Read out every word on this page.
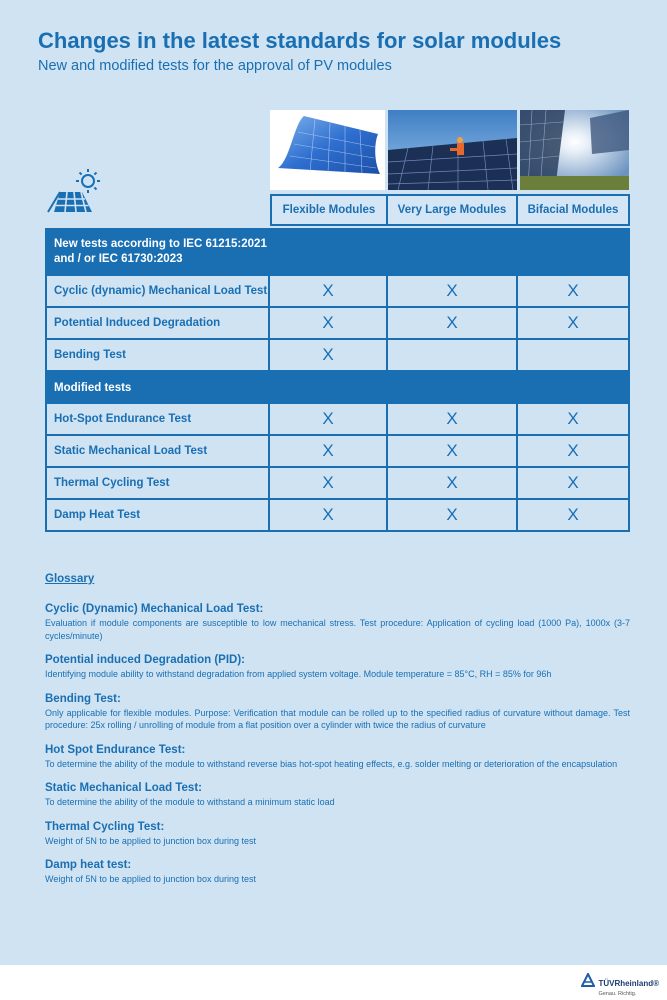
Changes in the latest standards for solar modules
New and modified tests for the approval of PV modules
Flexible Modules	Very Large Modules	Bifacial Modules
New tests according to IEC 61215:2021
and / or IEC 61730:2023
Cyclic (dynamic) Mechanical Load Test	X	X	X
Potential Induced Degradation	X	X	X
Bending Test	X
Modified tests
Hot-Spot Endurance Test	X	X	X
Static Mechanical Load Test	X	X	X
Thermal Cycling Test	X	X	X
Damp Heat Test	X	X	X
Glossary
Cyclic (Dynamic) Mechanical Load Test:
Evaluation if module components are susceptible to low mechanical stress. Test procedure: Application of cycling load (1000 Pa), 1000x (3-7 cycles/minute)
Potential induced Degradation (PID):
Identifying module ability to withstand degradation from applied system voltage. Module temperature = 85°C, RH = 85% for 96h
Bending Test:
Only applicable for flexible modules. Purpose: Verification that module can be rolled up to the specified radius of curvature without damage. Test procedure: 25x rolling / unrolling of module from a flat position over a cylinder with twice the radius of curvature
Hot Spot Endurance Test:
To determine the ability of the module to withstand reverse bias hot-spot heating effects, e.g. solder melting or deterioration of the encapsulation
Static Mechanical Load Test:
To determine the ability of the module to withstand a minimum static load
Thermal Cycling Test:
Weight of 5N to be applied to junction box during test
Damp heat test:
Weight of 5N to be applied to junction box during test
TÜVRheinland®
Genau. Richtig.
